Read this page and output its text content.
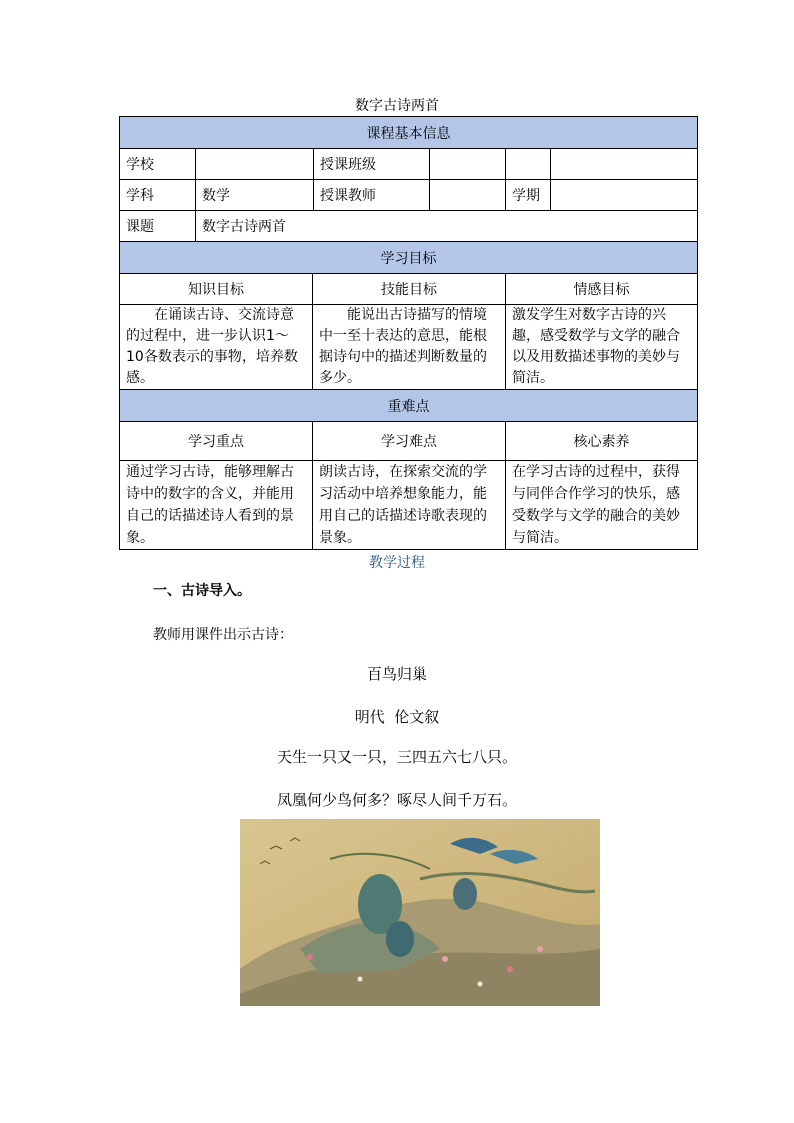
数字古诗两首
课程基本信息					
学校		授课班级			
学科	数学	授课教师		学期	
课题	数字古诗两首				
学习目标					
知识目标		技能目标		情感目标	

在诵读古诗、交流诗意的过程中，进一步认识1～10各数表示的事物，培养数感。		能说出古诗描写的情境中一至十表达的意思，能根据诗句中的描述判断数量的多少。		激发学生对数字古诗的兴趣，感受数学与文学的融合以及用数描述事物的美妙与简洁。	

重难点					
学习重点		学习难点		核心素养	

通过学习古诗，能够理解古诗中的数字的含义，并能用自己的话描述诗人看到的景象。		朗读古诗，在探索交流的学习活动中培养想象能力，能用自己的话描述诗歌表现的景象。		在学习古诗的过程中，获得与同伴合作学习的快乐，感受数学与文学的融合的美妙与简洁。	
教学过程
一、古诗导入。
教师用课件出示古诗：
百鸟归巢
明代  伦文叙
天生一只又一只，三四五六七八只。
凤凰何少鸟何多？啄尽人间千万石。
